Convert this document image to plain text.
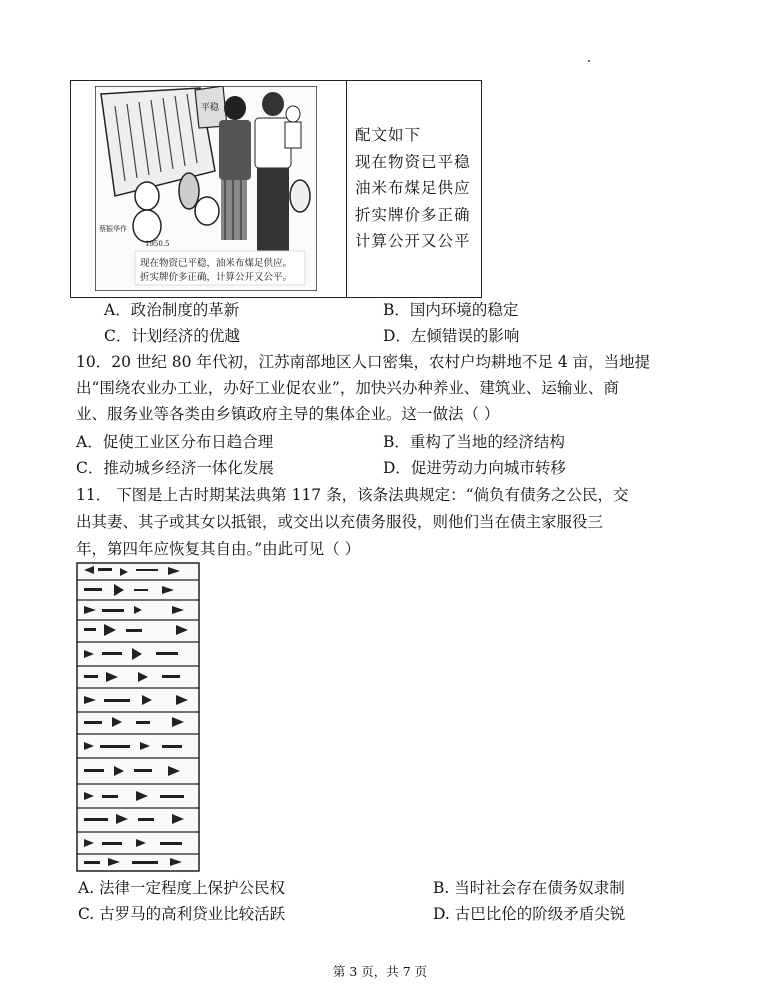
平稳
蔡振华作
1950.5
现在物资已平稳，油米布煤足供应。
折实牌价多正确，计算公开又公平。
配文如下
现在物资已平稳
油米布煤足供应
折实牌价多正确
计算公开又公平
A．政治制度的革新	B．国内环境的稳定
C．计划经济的优越	D．左倾错误的影响
10．20 世纪 80 年代初，江苏南部地区人口密集，农村户均耕地不足 4 亩，当地提
出“围绕农业办工业，办好工业促农业”，加快兴办种养业、建筑业、运输业、商
业、服务业等各类由乡镇政府主导的集体企业。这一做法（ ）
A．促使工业区分布日趋合理	B．重构了当地的经济结构
C．推动城乡经济一体化发展	D．促进劳动力向城市转移
11． 下图是上古时期某法典第 117 条，该条法典规定：“倘负有债务之公民，交
出其妻、其子或其女以抵银，或交出以充债务服役，则他们当在债主家服役三
年，第四年应恢复其自由。”由此可见（ ）
A. 法律一定程度上保护公民权	B. 当时社会存在债务奴隶制
C. 古罗马的高利贷业比较活跃	D. 古巴比伦的阶级矛盾尖锐
第 3 页，共 7 页
